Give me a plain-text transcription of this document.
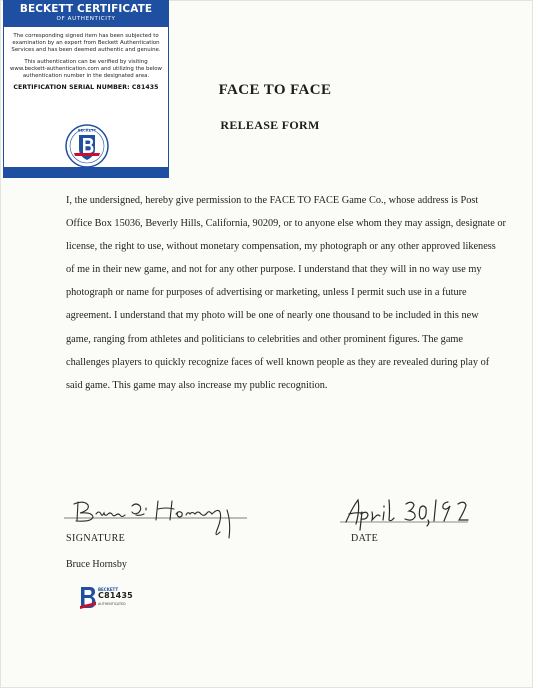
BECKETT CERTIFICATE
OF AUTHENTICITY

The corresponding signed item has been subjected to examination by an expert from Beckett Authentication Services and has been deemed authentic and genuine.

This authentication can be verified by visiting www.beckett-authentication.com and utilizing the below authentication number in the designated area.

CERTIFICATION SERIAL NUMBER: C81435
BECKETT
FACE TO FACE
RELEASE FORM

I, the undersigned, hereby give permission to the FACE TO FACE Game Co., whose address is Post Office Box 15036, Beverly Hills, California, 90209, or to anyone else whom they may assign, designate or license, the right to use, without monetary compensation, my photograph or any other approved likeness of me in their new game, and not for any other purpose. I understand that they will in no way use my photograph or name for purposes of advertising or marketing, unless I permit such use in a future agreement. I understand that my photo will be one of nearly one thousand to be included in this new game, ranging from athletes and politicians to celebrities and other prominent figures. The game challenges players to quickly recognize faces of well known people as they are revealed during play of said game. This game may also increase my public recognition.

SIGNATURE	DATE
Bruce Hornsby
BECKETT
C81435
AUTHENTICATED
